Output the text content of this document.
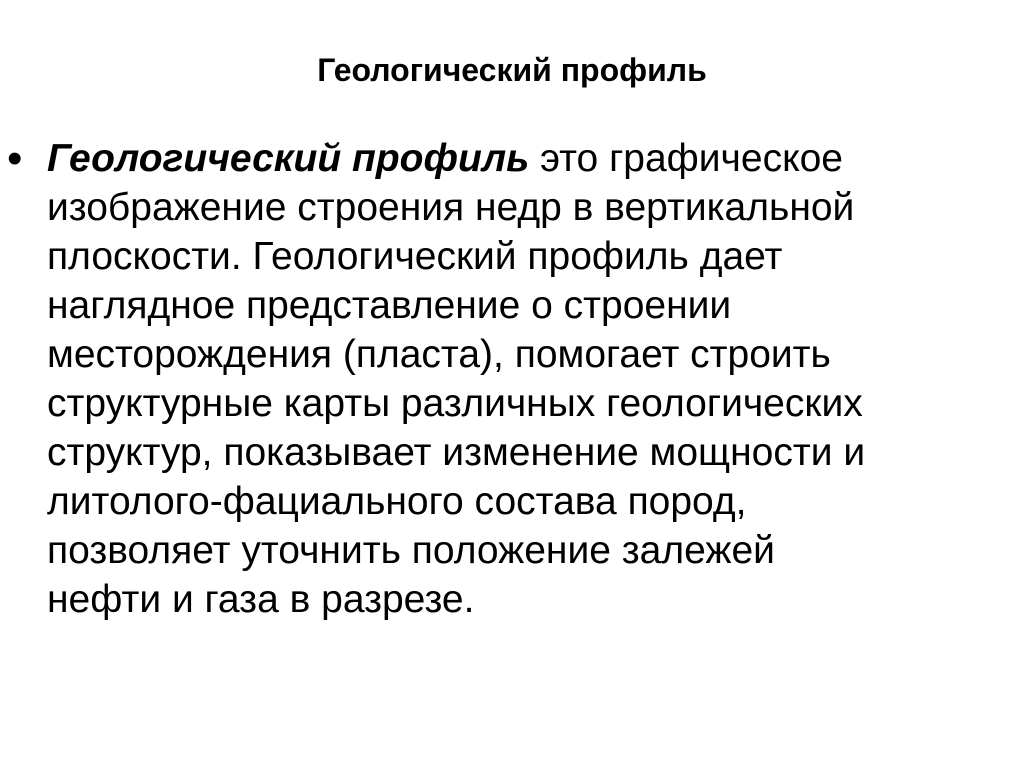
Геологический профиль
• Геологический профиль это графическое
изображение строения недр в вертикальной
плоскости. Геологический профиль дает
наглядное представление о строении
месторождения (пласта), помогает строить
структурные карты различных геологических
структур, показывает изменение мощности и
литолого-фациального состава пород,
позволяет уточнить положение залежей
нефти и газа в разрезе.
